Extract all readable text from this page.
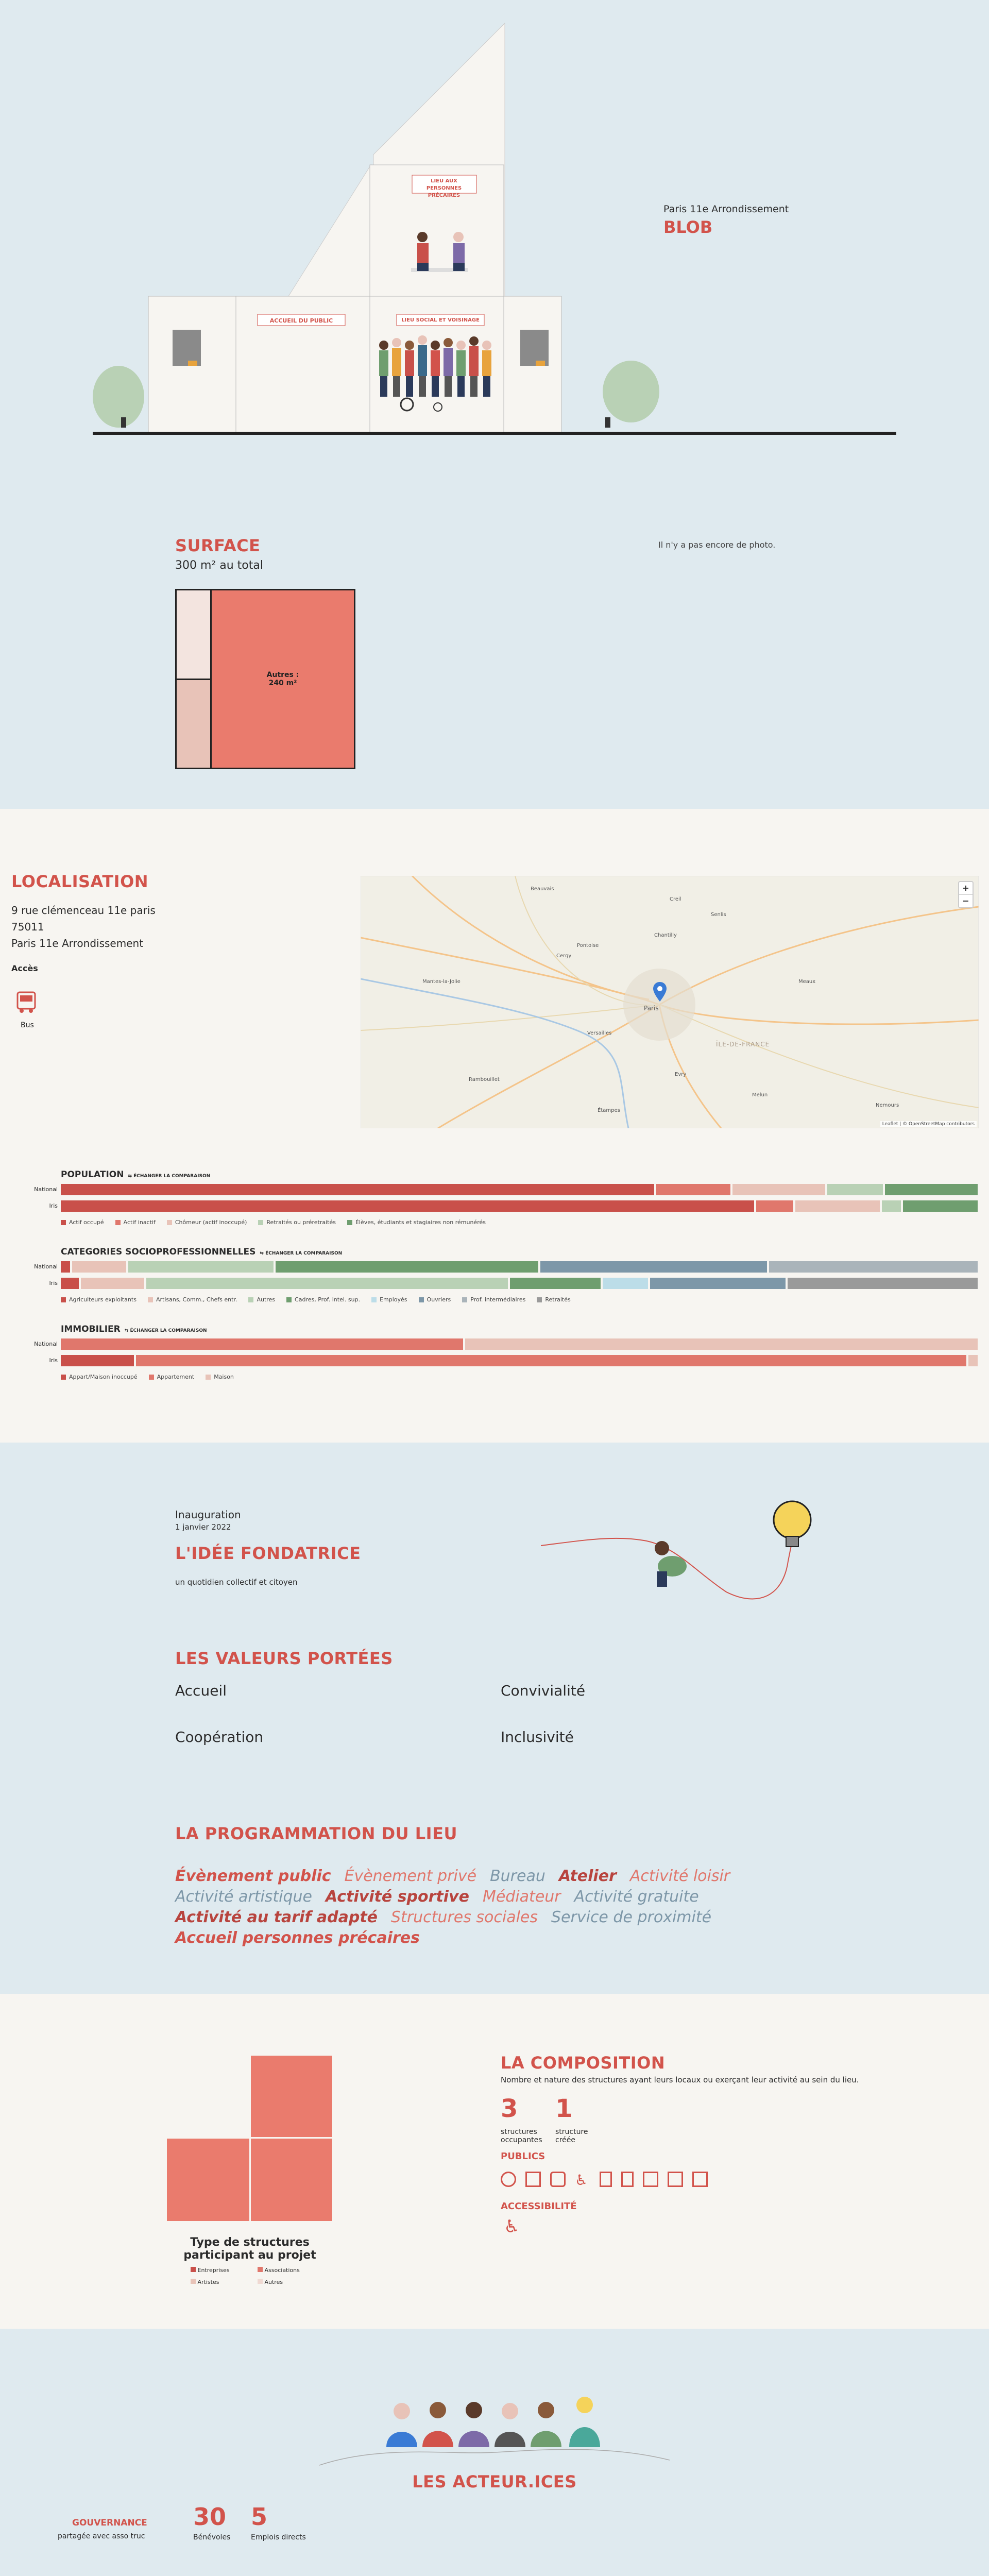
LIEU AUX PERSONNES PRÉCAIRES
ACCUEIL DU PUBLIC	LIEU SOCIAL ET VOISINAGE
Paris 11e Arrondissement
BLOB
SURFACE
300 m² au total
Autres :
240 m²
Il n'y a pas encore de photo.
LOCALISATION
9 rue clémenceau 11e paris
75011
Paris 11e Arrondissement
Accès
Bus
Paris
ÎLE-DE-FRANCE
Versailles
Evry
Meaux
Cergy
Pontoise
Melun
Rambouillet
Mantes-la-Jolie
Beauvais
Creil
Senlis
Nemours
Chantilly
Étampes
+
−
Leaflet | © OpenStreetMap contributors
POPULATION ⇆ ÉCHANGER LA COMPARAISON
National
Iris
Actif occupé	Actif inactif	Chômeur (actif inoccupé)	Retraités ou préretraités	Élèves, étudiants et stagiaires non rémunérés
CATEGORIES SOCIOPROFESSIONNELLES ⇆ ÉCHANGER LA COMPARAISON
National
Iris
Agriculteurs exploitants	Artisans, Comm., Chefs entr.	Autres	Cadres, Prof. intel. sup.	Employés	Ouvriers	Prof. intermédiaires	Retraités
IMMOBILIER ⇆ ÉCHANGER LA COMPARAISON
National
Iris
Appart/Maison inoccupé	Appartement	Maison
Inauguration
1 janvier 2022
L'IDÉE FONDATRICE
un quotidien collectif et citoyen
LES VALEURS PORTÉES
Accueil	Convivialité
Coopération	Inclusivité
LA PROGRAMMATION DU LIEU
Évènement public Évènement privé Bureau Atelier Activité loisirActivité artistique Activité sportive Médiateur Activité gratuiteActivité au tarif adapté Structures sociales Service de proximitéAccueil personnes précaires
Type de structures participant au projet
Entreprises	Associations
Artistes	Autres
LA COMPOSITION
Nombre et nature des structures ayant leurs locaux ou exerçant leur activité au sein du lieu.
3
structures occupantes
1
structure créée
PUBLICS
♿
ACCESSIBILITÉ
♿
LES ACTEUR.ICES
GOUVERNANCE
partagée avec asso truc
30
Bénévoles
5
Emplois directs
